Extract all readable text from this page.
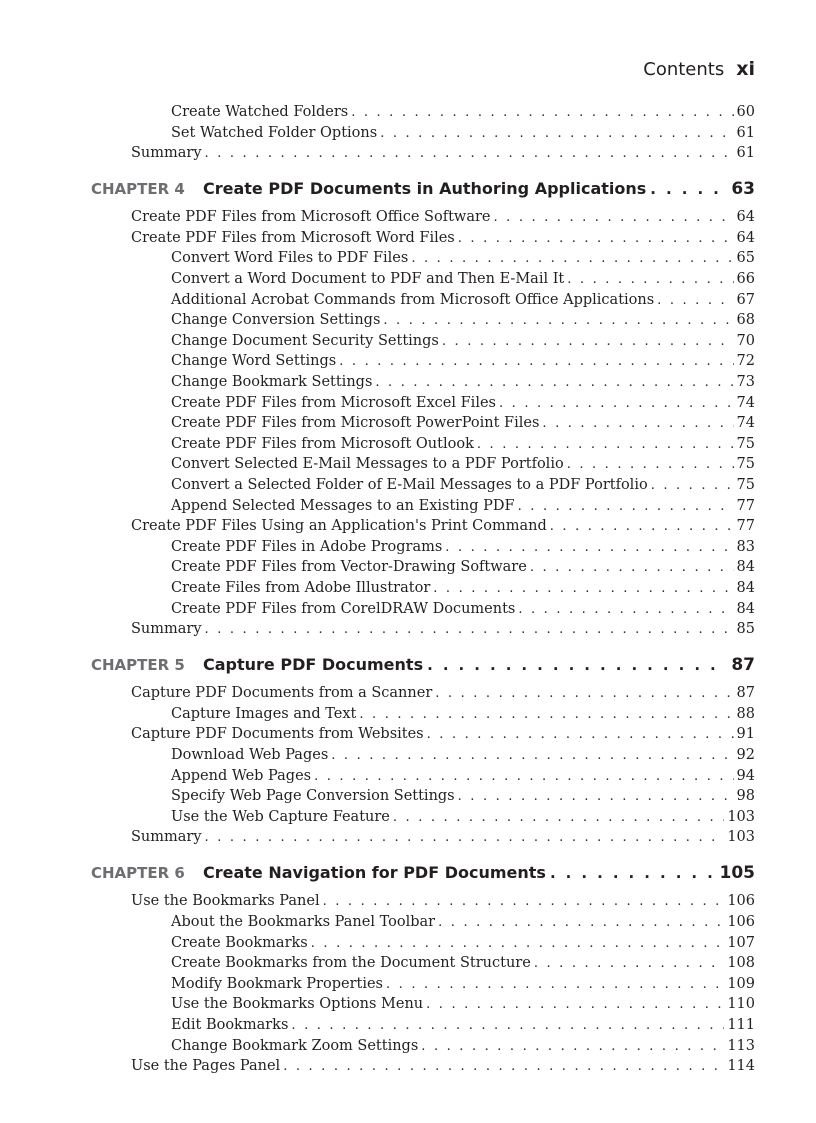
Contents xi
Create Watched Folders . . .	60
Set Watched Folder Options . . .	61
Summary . . .	61
CHAPTER 4	Create PDF Documents in Authoring Applications . . .	63
Create PDF Files from Microsoft Office Software . . .	64
Create PDF Files from Microsoft Word Files . . .	64
Convert Word Files to PDF Files . . .	65
Convert a Word Document to PDF and Then E-Mail It . . .	66
Additional Acrobat Commands from Microsoft Office Applications . . .	67
Change Conversion Settings . . .	68
Change Document Security Settings . . .	70
Change Word Settings . . .	72
Change Bookmark Settings . . .	73
Create PDF Files from Microsoft Excel Files . . .	74
Create PDF Files from Microsoft PowerPoint Files . . .	74
Create PDF Files from Microsoft Outlook . . .	75
Convert Selected E-Mail Messages to a PDF Portfolio . . .	75
Convert a Selected Folder of E-Mail Messages to a PDF Portfolio . . .	75
Append Selected Messages to an Existing PDF . . .	77
Create PDF Files Using an Application's Print Command . . .	77
Create PDF Files in Adobe Programs . . .	83
Create PDF Files from Vector-Drawing Software . . .	84
Create Files from Adobe Illustrator . . .	84
Create PDF Files from CorelDRAW Documents . . .	84
Summary . . .	85
CHAPTER 5	Capture PDF Documents . . .	87
Capture PDF Documents from a Scanner . . .	87
Capture Images and Text . . .	88
Capture PDF Documents from Websites . . .	91
Download Web Pages . . .	92
Append Web Pages . . .	94
Specify Web Page Conversion Settings . . .	98
Use the Web Capture Feature . . .	103
Summary . . .	103
CHAPTER 6	Create Navigation for PDF Documents . . .	105
Use the Bookmarks Panel . . .	106
About the Bookmarks Panel Toolbar . . .	106
Create Bookmarks . . .	107
Create Bookmarks from the Document Structure . . .	108
Modify Bookmark Properties . . .	109
Use the Bookmarks Options Menu . . .	110
Edit Bookmarks . . .	111
Change Bookmark Zoom Settings . . .	113
Use the Pages Panel . . .	114
